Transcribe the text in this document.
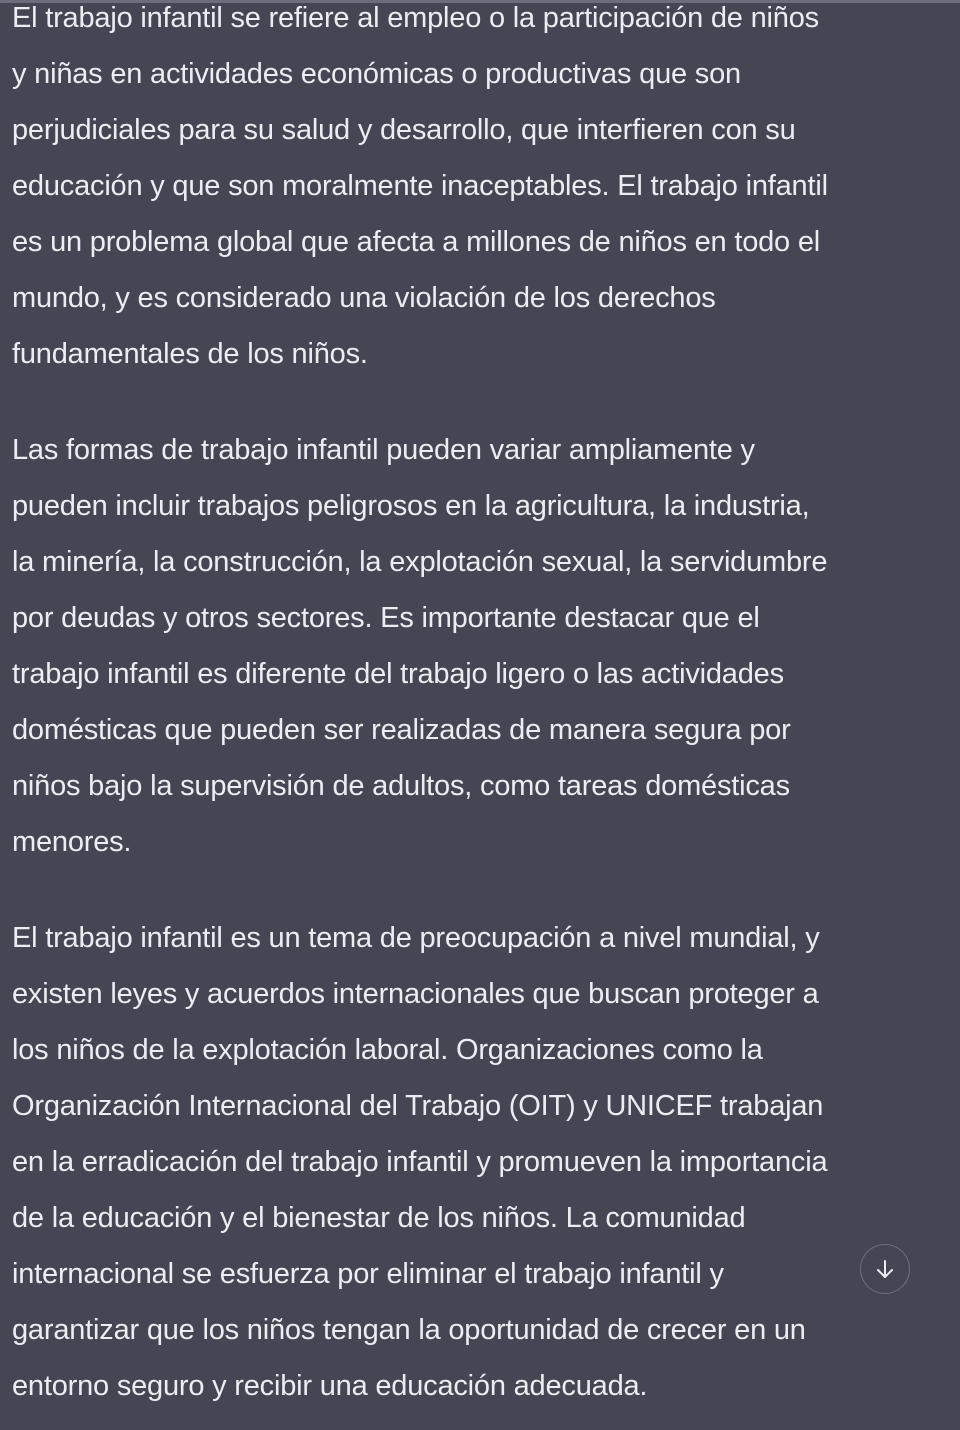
El trabajo infantil se refiere al empleo o la participación de niños
y niñas en actividades económicas o productivas que son
perjudiciales para su salud y desarrollo, que interfieren con su
educación y que son moralmente inaceptables. El trabajo infantil
es un problema global que afecta a millones de niños en todo el
mundo, y es considerado una violación de los derechos
fundamentales de los niños.

Las formas de trabajo infantil pueden variar ampliamente y
pueden incluir trabajos peligrosos en la agricultura, la industria,
la minería, la construcción, la explotación sexual, la servidumbre
por deudas y otros sectores. Es importante destacar que el
trabajo infantil es diferente del trabajo ligero o las actividades
domésticas que pueden ser realizadas de manera segura por
niños bajo la supervisión de adultos, como tareas domésticas
menores.

El trabajo infantil es un tema de preocupación a nivel mundial, y
existen leyes y acuerdos internacionales que buscan proteger a
los niños de la explotación laboral. Organizaciones como la
Organización Internacional del Trabajo (OIT) y UNICEF trabajan
en la erradicación del trabajo infantil y promueven la importancia
de la educación y el bienestar de los niños. La comunidad
internacional se esfuerza por eliminar el trabajo infantil y
garantizar que los niños tengan la oportunidad de crecer en un
entorno seguro y recibir una educación adecuada.
